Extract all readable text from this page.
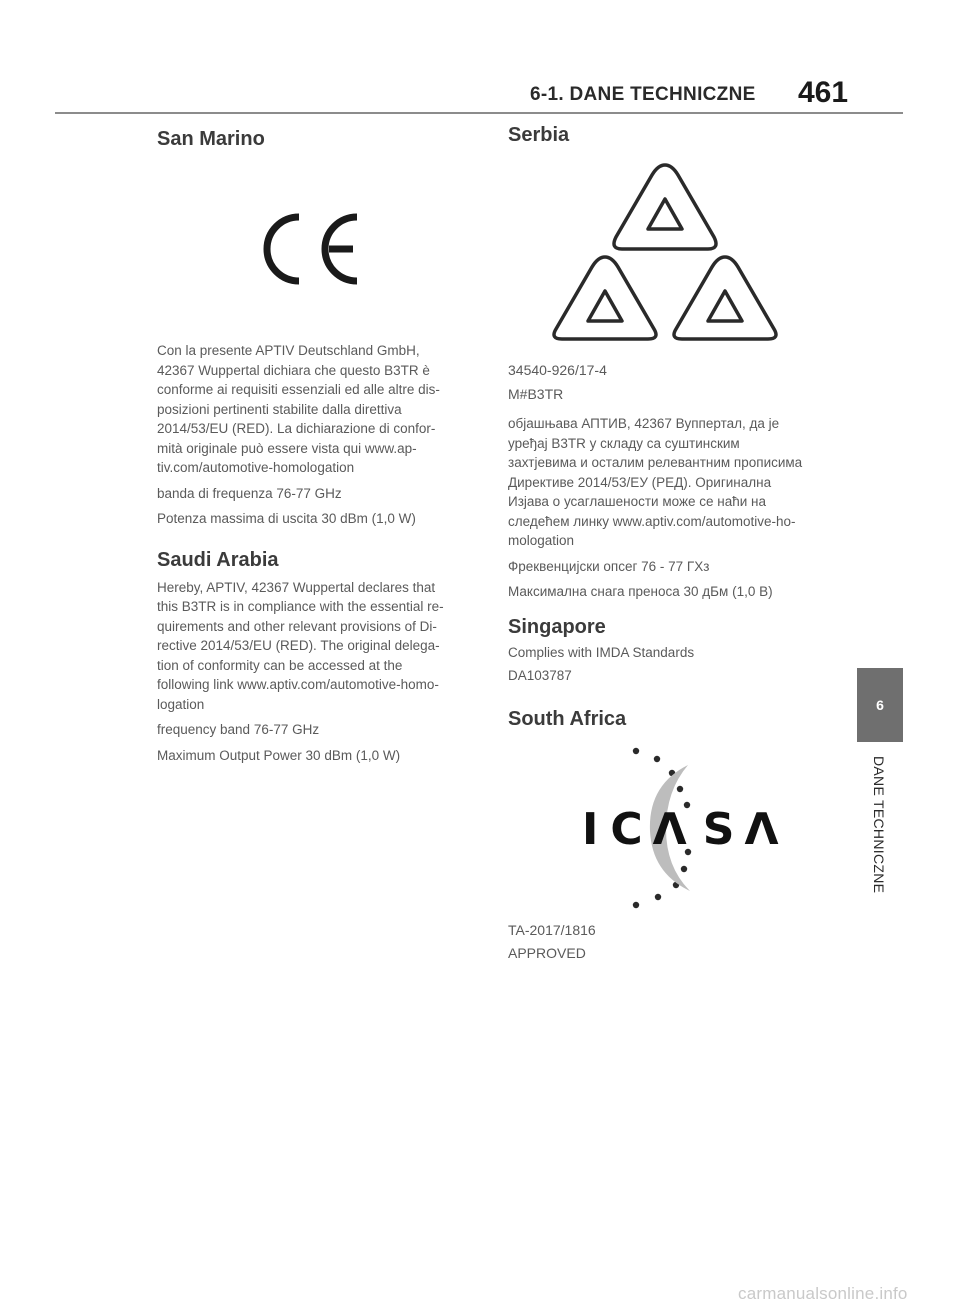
6-1. DANE TECHNICZNE 461
6
DANE TECHNICZNE
San Marino

Con la presente APTIV Deutschland GmbH,

42367 Wuppertal dichiara che questo B3TR è

conforme ai requisiti essenziali ed alle altre dis-

posizioni pertinenti stabilite dalla direttiva

2014/53/EU (RED). La dichiarazione di confor-

mità originale può essere vista qui www.ap-

tiv.com/automotive-homologation

banda di frequenza 76-77 GHz

Potenza massima di uscita 30 dBm (1,0 W)

Saudi Arabia

Hereby, APTIV, 42367 Wuppertal declares that

this B3TR is in compliance with the essential re-

quirements and other relevant provisions of Di-

rective 2014/53/EU (RED). The original delega-

tion of conformity can be accessed at the

following link www.aptiv.com/automotive-homo-

logation

frequency band 76-77 GHz

Maximum Output Power 30 dBm (1,0 W)

Serbia

34540-926/17-4

M#B3TR

објашњава АПТИВ, 42367 Вуппертал, да је

уређај B3TR у складу са суштинским

захтјевима и осталим релевантним прописима

Директиве 2014/53/ЕУ (РЕД). Оригинална

Изјава о усаглашености може се наћи на

следећем линку www.aptiv.com/automotive-ho-

mologation

Фреквенцијски опсег 76 - 77 ГХз

Максимална снага преноса 30 дБм (1,0 В)

Singapore

Complies with IMDA Standards

DA103787

South Africa
I C Λ S Λ

TA-2017/1816

APPROVED

carmanualsonline.info
